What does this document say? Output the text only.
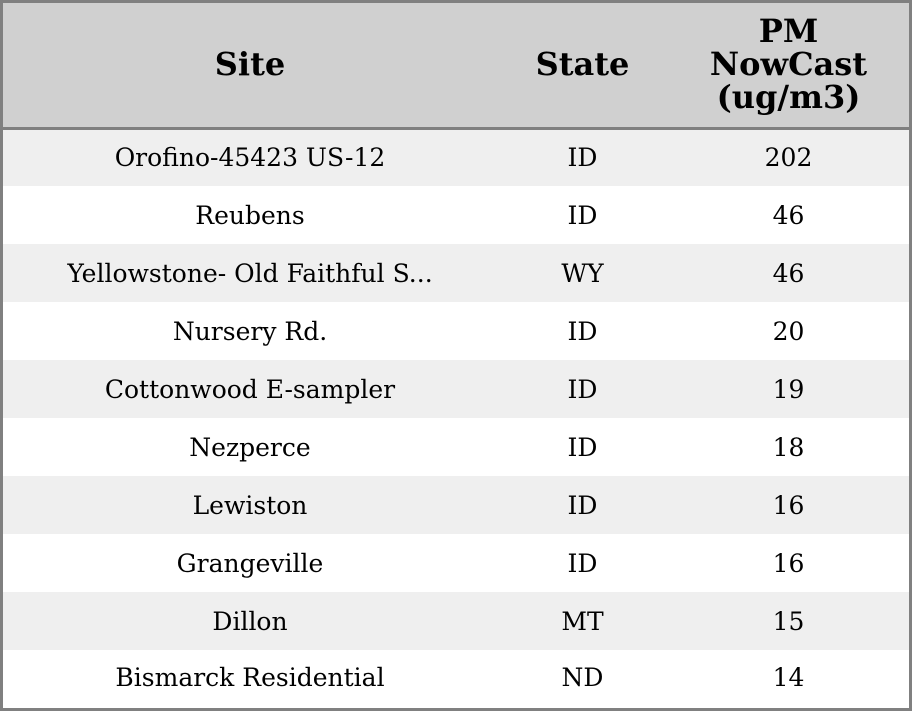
Site	State	PM
NowCast
(ug/m3)

Orofino-45423 US-12	ID	202
Reubens	ID	46
Yellowstone- Old Faithful S...	WY	46
Nursery Rd.	ID	20
Cottonwood E-sampler	ID	19
Nezperce	ID	18
Lewiston	ID	16
Grangeville	ID	16
Dillon	MT	15
Bismarck Residential	ND	14
